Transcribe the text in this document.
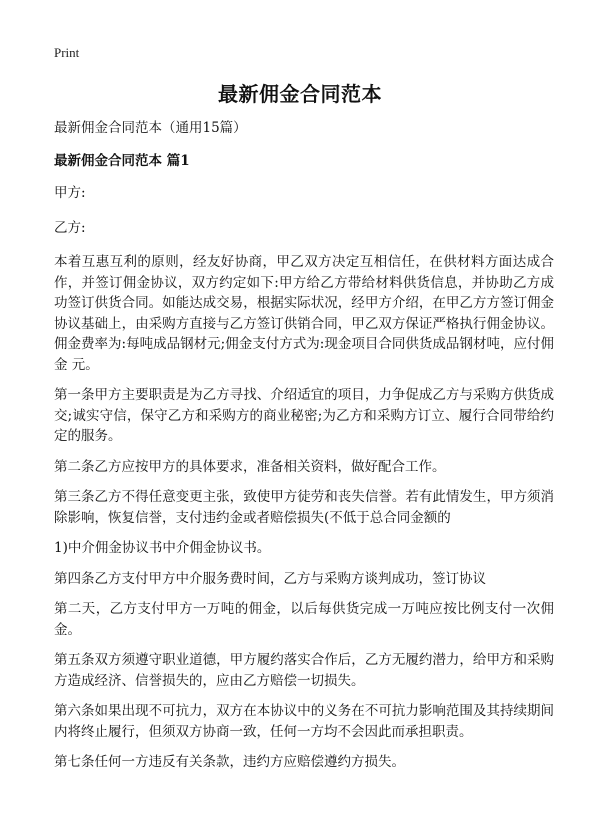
Print
最新佣金合同范本

最新佣金合同范本（通用15篇）

最新佣金合同范本 篇1

甲方:

乙方:

本着互惠互利的原则，经友好协商，甲乙双方决定互相信任，在供材料方面达成合作，并签订佣金协议，双方约定如下:甲方给乙方带给材料供货信息，并协助乙方成功签订供货合同。如能达成交易，根据实际状况，经甲方介绍，在甲乙方方签订佣金协议基础上，由采购方直接与乙方签订供销合同，甲乙双方保证严格执行佣金协议。佣金费率为:每吨成品钢材元;佣金支付方式为:现金项目合同供货成品钢材吨，应付佣金 元。

第一条甲方主要职责是为乙方寻找、介绍适宜的项目，力争促成乙方与采购方供货成交;诚实守信，保守乙方和采购方的商业秘密;为乙方和采购方订立、履行合同带给约定的服务。

第二条乙方应按甲方的具体要求，准备相关资料，做好配合工作。

第三条乙方不得任意变更主张，致使甲方徒劳和丧失信誉。若有此情发生，甲方须消除影响，恢复信誉，支付违约金或者赔偿损失(不低于总合同金额的

1)中介佣金协议书中介佣金协议书。

第四条乙方支付甲方中介服务费时间，乙方与采购方谈判成功，签订协议

第二天，乙方支付甲方一万吨的佣金，以后每供货完成一万吨应按比例支付一次佣金。

第五条双方须遵守职业道德，甲方履约落实合作后，乙方无履约潜力，给甲方和采购方造成经济、信誉损失的，应由乙方赔偿一切损失。

第六条如果出现不可抗力，双方在本协议中的义务在不可抗力影响范围及其持续期间内将终止履行，但须双方协商一致，任何一方均不会因此而承担职责。

第七条任何一方违反有关条款，违约方应赔偿遵约方损失。
